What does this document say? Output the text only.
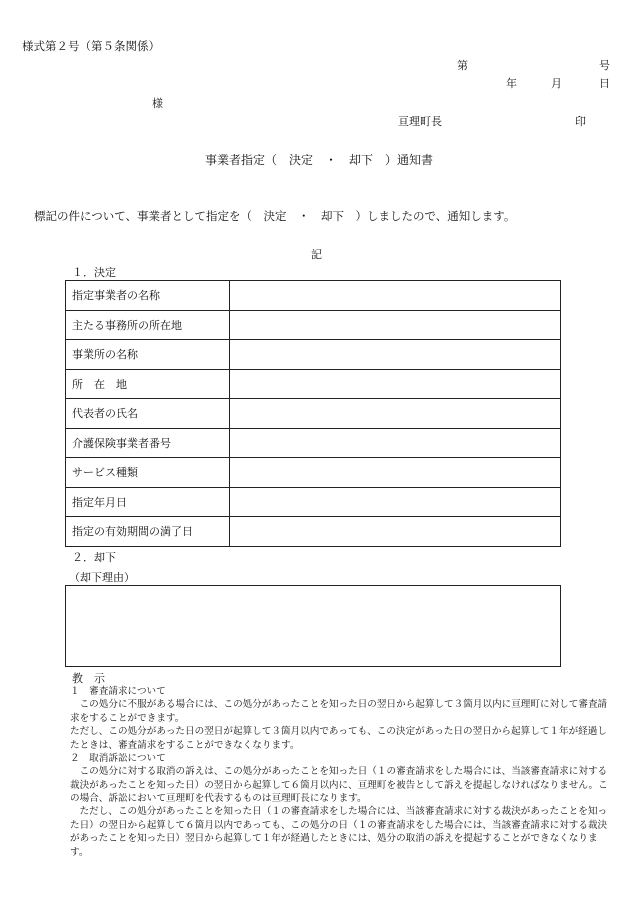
様式第２号（第５条関係）
第	号
年	月	日
様
亘理町長	印
事業者指定（　決定　・　却下　）通知書
標記の件について、事業者として指定を（　決定　・　却下　）しましたので、通知します。
記
１．決定
指定事業者の名称	
主たる事務所の所在地	
事業所の名称	
所　在　地	
代表者の氏名	
介護保険事業者番号	
サービス種類	
指定年月日	
指定の有効期間の満了日	
２．却下
（却下理由）
教　示
１　審査請求について
この処分に不服がある場合には、この処分があったことを知った日の翌日から起算して３箇月以内に亘理町に対して審査請求をすることができます。
ただし、この処分があった日の翌日が起算して３箇月以内であっても、この決定があった日の翌日から起算して１年が経過したときは、審査請求をすることができなくなります。
２　取消訴訟について
この処分に対する取消の訴えは、この処分があったことを知った日（１の審査請求をした場合には、当該審査請求に対する裁決があったことを知った日）の翌日から起算して６箇月以内に、亘理町を被告として訴えを提起しなければなりません。この場合、訴訟において亘理町を代表するものは亘理町長になります。
ただし、この処分があったことを知った日（１の審査請求をした場合には、当該審査請求に対する裁決があったことを知った日）の翌日から起算して６箇月以内であっても、この処分の日（１の審査請求をした場合には、当該審査請求に対する裁決があったことを知った日）翌日から起算して１年が経過したときには、処分の取消の訴えを提起することができなくなります。
